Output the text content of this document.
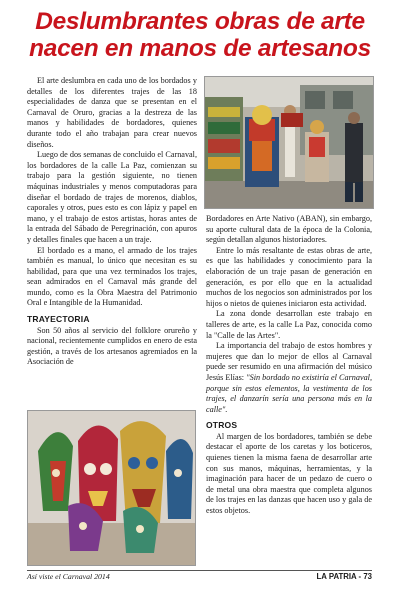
Deslumbrantes obras de arte
nacen en manos de artesanos

El arte deslumbra en cada uno de los bordados y detalles de los diferentes trajes de las 18 especialidades de danza que se presentan en el Carnaval de Oruro, gracias a la destreza de las manos y habilidades de bordadores, quienes durante todo el año trabajan para crear nuevos diseños.

Luego de dos semanas de concluido el Carnaval, los bordadores de la calle La Paz, comienzan su trabajo para la gestión siguiente, no tienen máquinas industriales y menos computadoras para diseñar el bordado de trajes de morenos, diablos, caporales y otros, pues esto es con lápiz y papel en mano, y el trabajo de estos artistas, horas antes de la entrada del Sábado de Peregrinación, con apuros y detalles finales que hacen a un traje.

El bordado es a mano, el armado de los trajes también es manual, lo único que necesitan es su habilidad, para que una vez terminados los trajes, sean admirados en el Carnaval más grande del mundo, como es la Obra Maestra del Patrimonio Oral e Intangible de la Humanidad.

TRAYECTORIA

Son 50 años al servicio del folklore orureño y nacional, recientemente cumplidos en enero de esta gestión, a través de los artesanos agremiados en la Asociación de

Bordadores en Arte Nativo (ABAN), sin embargo, su aporte cultural data de la época de la Colonia, según detallan algunos historiadores.

Entre lo más resaltante de estas obras de arte, es que las habilidades y conocimiento para la elaboración de un traje pasan de generación en generación, es por ello que en la actualidad muchos de los negocios son administrados por los hijos o nietos de quienes iniciaron esta actividad.

La zona donde desarrollan este trabajo en talleres de arte, es la calle La Paz, conocida como la "Calle de las Artes".

La importancia del trabajo de estos hombres y mujeres que dan lo mejor de ellos al Carnaval puede ser resumido en una afirmación del músico Jesús Elías: "Sin bordado no existiría el Carnaval, porque sin estos elementos, la vestimenta de los trajes, el danzarín sería una persona más en la calle".

OTROS

Al margen de los bordadores, también se debe destacar el aporte de los caretas y los boticeros, quienes tienen la misma faena de desarrollar arte con sus manos, máquinas, herramientas, y la imaginación para hacer de un pedazo de cuero o de metal una obra maestra que completa algunos de los trajes en las danzas que hacen uso y gala de estos objetos.

Así viste el Carnaval 2014	LA PATRIA - 73
